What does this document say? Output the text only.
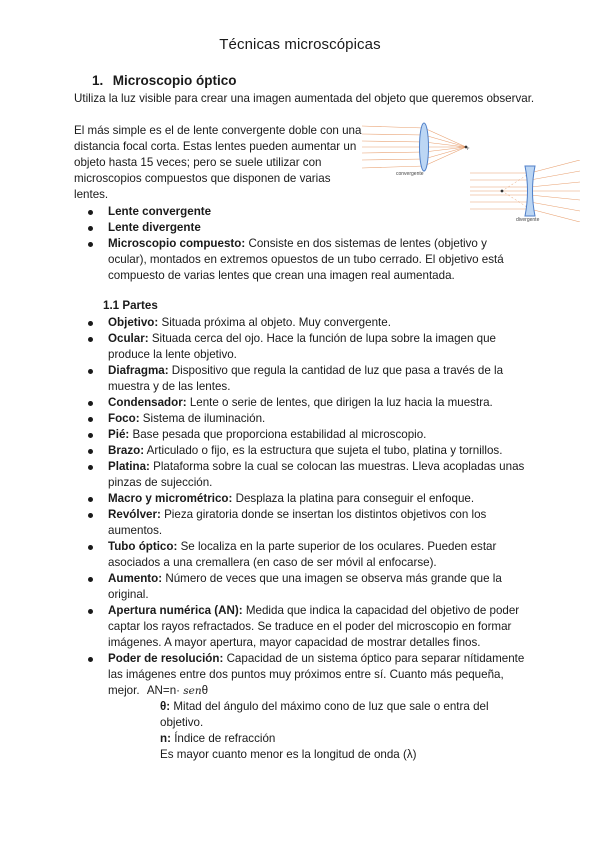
Técnicas microscópicas
1. Microscopio óptico
Utiliza la luz visible para crear una imagen aumentada del objeto que queremos observar.
El más simple es el de lente convergente doble con una distancia focal corta. Estas lentes pueden aumentar un objeto hasta 15 veces; pero se suele utilizar con microscopios compuestos que disponen de varias lentes.
F
convergente
divergente
Lente convergente
Lente divergente
Microscopio compuesto: Consiste en dos sistemas de lentes (objetivo y ocular), montados en extremos opuestos de un tubo cerrado. El objetivo está compuesto de varias lentes que crean una imagen real aumentada.
1.1 Partes
Objetivo: Situada próxima al objeto. Muy convergente.
Ocular: Situada cerca del ojo. Hace la función de lupa sobre la imagen que produce la lente objetivo.
Diafragma: Dispositivo que regula la cantidad de luz que pasa a través de la muestra y de las lentes.
Condensador: Lente o serie de lentes, que dirigen la luz hacia la muestra.
Foco: Sistema de iluminación.
Pié: Base pesada que proporciona estabilidad al microscopio.
Brazo: Articulado o fijo, es la estructura que sujeta el tubo, platina y tornillos.
Platina: Plataforma sobre la cual se colocan las muestras. Lleva acopladas unas pinzas de sujección.
Macro y micrométrico: Desplaza la platina para conseguir el enfoque.
Revólver: Pieza giratoria donde se insertan los distintos objetivos con los aumentos.
Tubo óptico: Se localiza en la parte superior de los oculares. Pueden estar asociados a una cremallera (en caso de ser móvil al enfocarse).
Aumento: Número de veces que una imagen se observa más grande que la original.
Apertura numérica (AN): Medida que indica la capacidad del objetivo de poder captar los rayos refractados. Se traduce en el poder del microscopio en formar imágenes. A mayor apertura, mayor capacidad de mostrar detalles finos.
Poder de resolución: Capacidad de un sistema óptico para separar nítidamente las imágenes entre dos puntos muy próximos entre sí. Cuanto más pequeña, mejor. AN=n· senθ
θ: Mitad del ángulo del máximo cono de luz que sale o entra del objetivo.
n: Índice de refracción
Es mayor cuanto menor es la longitud de onda (λ)
